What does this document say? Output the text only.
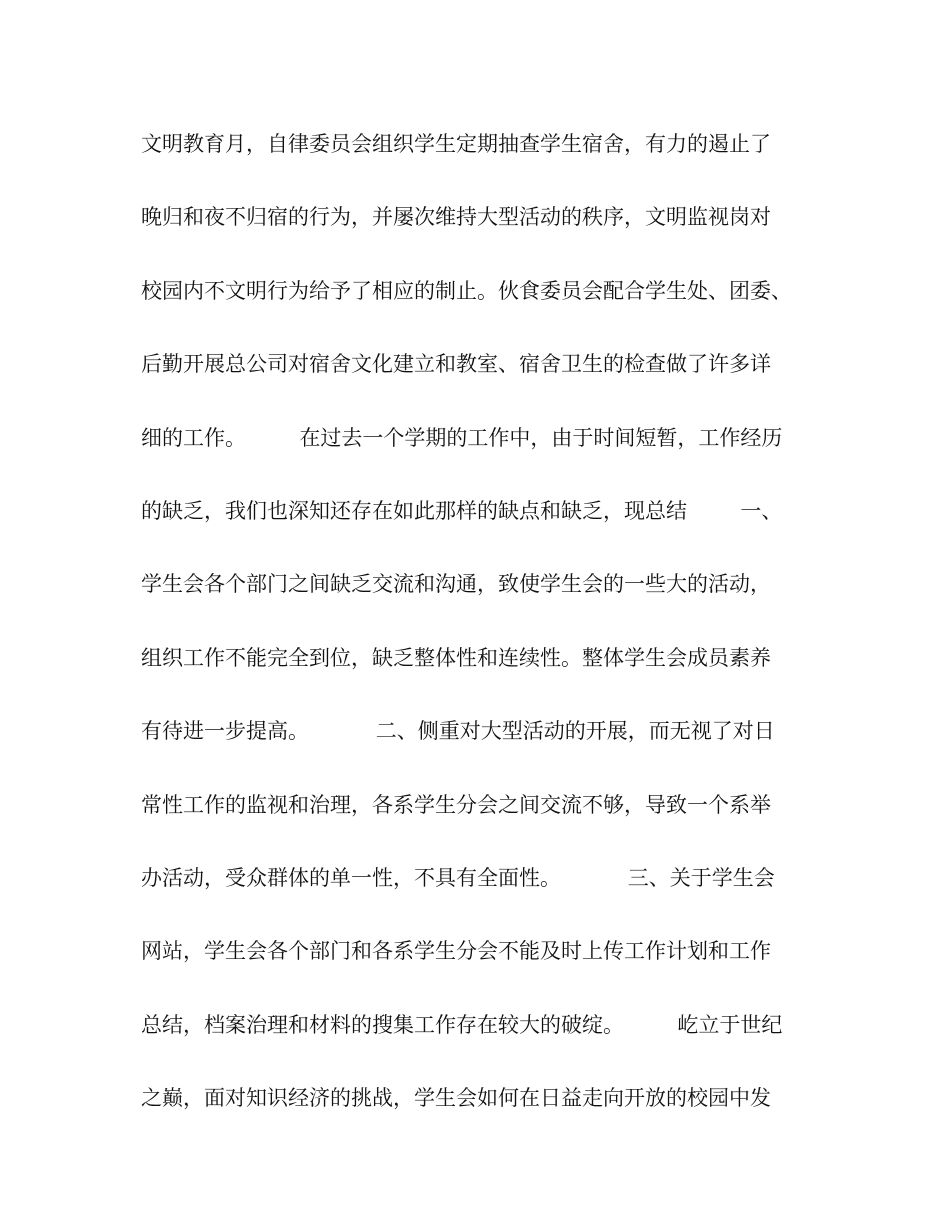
文明教育月，自律委员会组织学生定期抽查学生宿舍，有力的遏止了
晚归和夜不归宿的行为，并屡次维持大型活动的秩序，文明监视岗对
校园内不文明行为给予了相应的制止。伙食委员会配合学生处、团委、
后勤开展总公司对宿舍文化建立和教室、宿舍卫生的检查做了许多详
细的工作。        在过去一个学期的工作中，由于时间短暂，工作经历
的缺乏，我们也深知还存在如此那样的缺点和缺乏，现总结        一、
学生会各个部门之间缺乏交流和沟通，致使学生会的一些大的活动，
组织工作不能完全到位，缺乏整体性和连续性。整体学生会成员素养
有待进一步提高。          二、侧重对大型活动的开展，而无视了对日
常性工作的监视和治理，各系学生分会之间交流不够，导致一个系举
办活动，受众群体的单一性，不具有全面性。          三、关于学生会
网站，学生会各个部门和各系学生分会不能及时上传工作计划和工作
总结，档案治理和材料的搜集工作存在较大的破绽。        屹立于世纪
之巅，面对知识经济的挑战，学生会如何在日益走向开放的校园中发
